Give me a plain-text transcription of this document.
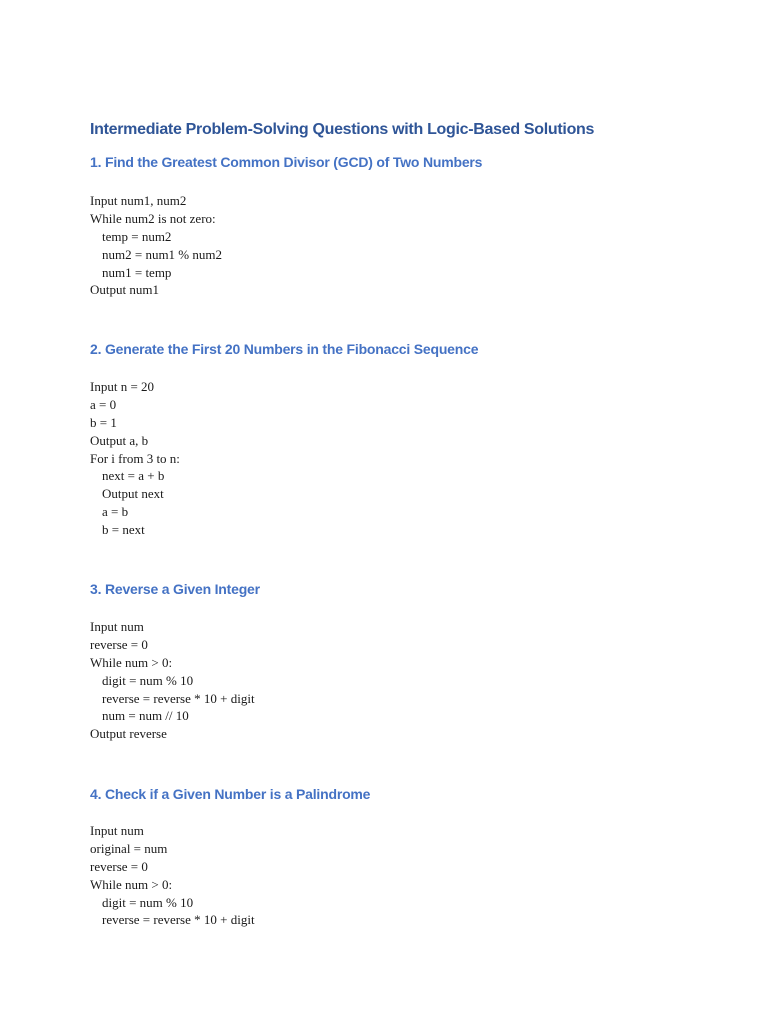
Intermediate Problem-Solving Questions with Logic-Based Solutions
1. Find the Greatest Common Divisor (GCD) of Two Numbers
Input num1, num2
While num2 is not zero:
temp = num2
num2 = num1 % num2
num1 = temp
Output num1
2. Generate the First 20 Numbers in the Fibonacci Sequence
Input n = 20
a = 0
b = 1
Output a, b
For i from 3 to n:
next = a + b
Output next
a = b
b = next
3. Reverse a Given Integer
Input num
reverse = 0
While num > 0:
digit = num % 10
reverse = reverse * 10 + digit
num = num // 10
Output reverse
4. Check if a Given Number is a Palindrome
Input num
original = num
reverse = 0
While num > 0:
digit = num % 10
reverse = reverse * 10 + digit
